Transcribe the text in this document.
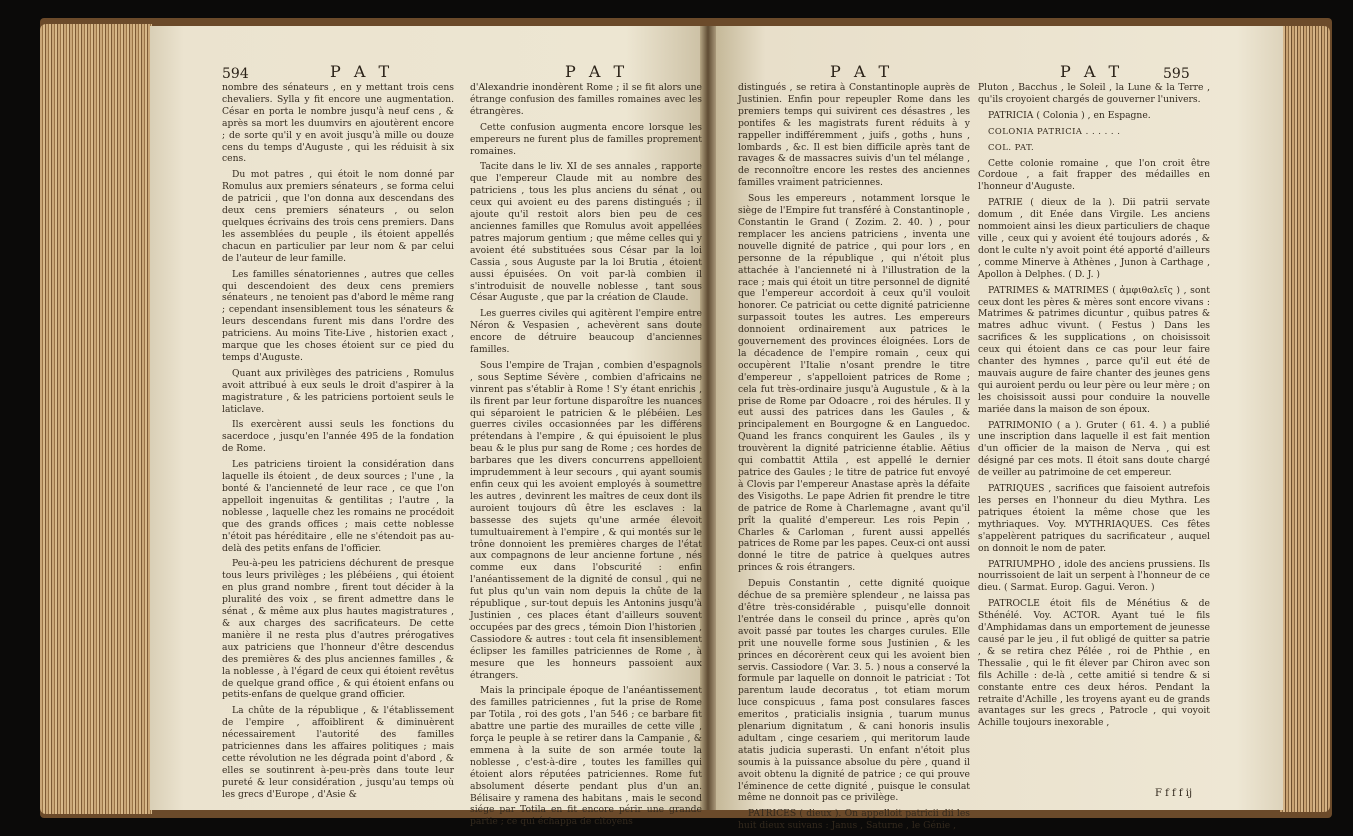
594	P A T	P A T

nombre des sénateurs , en y mettant trois cens chevaliers. Sylla y fit encore une augmentation. César en porta le nombre jusqu'à neuf cens , & après sa mort les duumvirs en ajoutèrent encore ; de sorte qu'il y en avoit jusqu'à mille ou douze cens du temps d'Auguste , qui les réduisit à six cens.

Du mot patres , qui étoit le nom donné par Romulus aux premiers sénateurs , se forma celui de patricii , que l'on donna aux descendans des deux cens premiers sénateurs , ou selon quelques écrivains des trois cens premiers. Dans les assemblées du peuple , ils étoient appellés chacun en particulier par leur nom & par celui de l'auteur de leur famille.

Les familles sénatoriennes , autres que celles qui descendoient des deux cens premiers sénateurs , ne tenoient pas d'abord le même rang ; cependant insensiblement tous les sénateurs & leurs descendans furent mis dans l'ordre des patriciens. Au moins Tite-Live , historien exact , marque que les choses étoient sur ce pied du temps d'Auguste.

Quant aux privilèges des patriciens , Romulus avoit attribué à eux seuls le droit d'aspirer à la magistrature , & les patriciens portoient seuls le laticlave.

Ils exercèrent aussi seuls les fonctions du sacerdoce , jusqu'en l'année 495 de la fondation de Rome.

Les patriciens tiroient la considération dans laquelle ils étoient , de deux sources ; l'une , la bonté & l'ancienneté de leur race , ce que l'on appelloit ingenuitas & gentilitas ; l'autre , la noblesse , laquelle chez les romains ne procédoit que des grands offices ; mais cette noblesse n'étoit pas héréditaire , elle ne s'étendoit pas au-delà des petits enfans de l'officier.

Peu-à-peu les patriciens déchurent de presque tous leurs privilèges ; les plébéiens , qui étoient en plus grand nombre , firent tout décider à la pluralité des voix , se firent admettre dans le sénat , & même aux plus hautes magistratures , & aux charges des sacrificateurs. De cette manière il ne resta plus d'autres prérogatives aux patriciens que l'honneur d'être descendus des premières & des plus anciennes familles , & la noblesse , à l'égard de ceux qui étoient revêtus de quelque grand office , & qui étoient enfans ou petits-enfans de quelque grand officier.

La chûte de la république , & l'établissement de l'empire , affoiblirent & diminuèrent nécessairement l'autorité des familles patriciennes dans les affaires politiques ; mais cette révolution ne les dégrada point d'abord , & elles se soutinrent à-peu-près dans toute leur pureté & leur considération , jusqu'au temps où les grecs d'Europe , d'Asie &

d'Alexandrie inondèrent Rome ; il se fit alors une étrange confusion des familles romaines avec les étrangères.

Cette confusion augmenta encore lorsque les empereurs ne furent plus de familles proprement romaines.

Tacite dans le liv. XI de ses annales , rapporte que l'empereur Claude mit au nombre des patriciens , tous les plus anciens du sénat , ou ceux qui avoient eu des parens distingués ; il ajoute qu'il restoit alors bien peu de ces anciennes familles que Romulus avoit appellées patres majorum gentium ; que même celles qui y avoient été substituées sous César par la loi Cassia , sous Auguste par la loi Brutia , étoient aussi épuisées. On voit par-là combien il s'introduisit de nouvelle noblesse , tant sous César Auguste , que par la création de Claude.

Les guerres civiles qui agitèrent l'empire entre Néron & Vespasien , achevèrent sans doute encore de détruire beaucoup d'anciennes familles.

Sous l'empire de Trajan , combien d'espagnols , sous Septime Sévère , combien d'africains ne vinrent pas s'établir à Rome ! S'y étant enrichis , ils firent par leur fortune disparoître les nuances qui séparoient le patricien & le plébéien. Les guerres civiles occasionnées par les différens prétendans à l'empire , & qui épuisoient le plus beau & le plus pur sang de Rome ; ces hordes de barbares que les divers concurrens appelloient imprudemment à leur secours , qui ayant soumis enfin ceux qui les avoient employés à soumettre les autres , devinrent les maîtres de ceux dont ils auroient toujours dû être les esclaves : la bassesse des sujets qu'une armée élevoit tumultuairement à l'empire , & qui montés sur le trône donnoient les premières charges de l'état aux compagnons de leur ancienne fortune , nés comme eux dans l'obscurité : enfin l'anéantissement de la dignité de consul , qui ne fut plus qu'un vain nom depuis la chûte de la république , sur-tout depuis les Antonins jusqu'à Justinien , ces places étant d'ailleurs souvent occupées par des grecs , témoin Dion l'historien , Cassiodore & autres : tout cela fit insensiblement éclipser les familles patriciennes de Rome , à mesure que les honneurs passoient aux étrangers.

Mais la principale époque de l'anéantissement des familles patriciennes , fut la prise de Rome par Totila , roi des gots , l'an 546 ; ce barbare fit abattre une partie des murailles de cette ville , força le peuple à se retirer dans la Campanie , & emmena à la suite de son armée toute la noblesse , c'est-à-dire , toutes les familles qui étoient alors réputées patriciennes. Rome fut absolument déserte pendant plus d'un an. Bélisaire y ramena des habitans , mais le second siége par Totila en fit encore périr une grande partie ; ce qui échappa de citoyens

P A T	P A T	595

distingués , se retira à Constantinople auprès de Justinien. Enfin pour repeupler Rome dans les premiers temps qui suivirent ces désastres , les pontifes & les magistrats furent réduits à y rappeller indifféremment , juifs , goths , huns , lombards , &c. Il est bien difficile après tant de ravages & de massacres suivis d'un tel mélange , de reconnoître encore les restes des anciennes familles vraiment patriciennes.

Sous les empereurs , notamment lorsque le siège de l'Empire fut transféré à Constantinople , Constantin le Grand ( Zozim. 2. 40. ) , pour remplacer les anciens patriciens , inventa une nouvelle dignité de patrice , qui pour lors , en personne de la république , qui n'étoit plus attachée à l'ancienneté ni à l'illustration de la race ; mais qui étoit un titre personnel de dignité que l'empereur accordoit à ceux qu'il vouloit honorer. Ce patriciat ou cette dignité patricienne surpassoit toutes les autres. Les empereurs donnoient ordinairement aux patrices le gouvernement des provinces éloignées. Lors de la décadence de l'empire romain , ceux qui occupèrent l'Italie n'osant prendre le titre d'empereur , s'appelloient patrices de Rome ; cela fut très-ordinaire jusqu'à Augustule , & à la prise de Rome par Odoacre , roi des hérules. Il y eut aussi des patrices dans les Gaules , & principalement en Bourgogne & en Languedoc. Quand les francs conquirent les Gaules , ils y trouvèrent la dignité patricienne établie. Aëtius qui combattit Attila , est appellé le dernier patrice des Gaules ; le titre de patrice fut envoyé à Clovis par l'empereur Anastase après la défaite des Visigoths. Le pape Adrien fit prendre le titre de patrice de Rome à Charlemagne , avant qu'il prît la qualité d'empereur. Les rois Pepin , Charles & Carloman , furent aussi appellés patrices de Rome par les papes. Ceux-ci ont aussi donné le titre de patrice à quelques autres princes & rois étrangers.

Depuis Constantin , cette dignité quoique déchue de sa première splendeur , ne laissa pas d'être très-considérable , puisqu'elle donnoit l'entrée dans le conseil du prince , après qu'on avoit passé par toutes les charges curules. Elle prit une nouvelle forme sous Justinien , & les princes en décorèrent ceux qui les avoient bien servis. Cassiodore ( Var. 3. 5. ) nous a conservé la formule par laquelle on donnoit le patriciat : Tot parentum laude decoratus , tot etiam morum luce conspicuus , fama post consulares fasces emeritos , praticialis insignia , tuarum munus plenarium dignitatum , & cani honoris insulis adultam , cinge cesariem , qui meritorum laude atatis judicia superasti. Un enfant n'étoit plus soumis à la puissance absolue du père , quand il avoit obtenu la dignité de patrice ; ce qui prouve l'éminence de cette dignité , puisque le consulat même ne donnoit pas ce privilège.

PATRICES ( dieux ). On appelloit patricii dii les huit dieux suivans : Janus , Saturne , le Génie ,

Pluton , Bacchus , le Soleil , la Lune & la Terre , qu'ils croyoient chargés de gouverner l'univers.

PATRICIA ( Colonia ) , en Espagne.

COLONIA PATRICIA . . . . . .

COL. PAT.

Cette colonie romaine , que l'on croit être Cordoue , a fait frapper des médailles en l'honneur d'Auguste.

PATRIE ( dieux de la ). Dii patrii servate domum , dit Enée dans Virgile. Les anciens nommoient ainsi les dieux particuliers de chaque ville , ceux qui y avoient été toujours adorés , & dont le culte n'y avoit point été apporté d'ailleurs , comme Minerve à Athènes , Junon à Carthage , Apollon à Delphes. ( D. J. )

PATRIMES & MATRIMES ( ἀμφιθαλεῖς ) , sont ceux dont les pères & mères sont encore vivans : Matrimes & patrimes dicuntur , quibus patres & matres adhuc vivunt. ( Festus ) Dans les sacrifices & les supplications , on choisissoit ceux qui étoient dans ce cas pour leur faire chanter des hymnes , parce qu'il eut été de mauvais augure de faire chanter des jeunes gens qui auroient perdu ou leur père ou leur mère ; on les choisissoit aussi pour conduire la nouvelle mariée dans la maison de son époux.

PATRIMONIO ( a ). Gruter ( 61. 4. ) a publié une inscription dans laquelle il est fait mention d'un officier de la maison de Nerva , qui est désigné par ces mots. Il étoit sans doute chargé de veiller au patrimoine de cet empereur.

PATRIQUES , sacrifices que faisoient autrefois les perses en l'honneur du dieu Mythra. Les patriques étoient la même chose que les mythriaques. Voy. MYTHRIAQUES. Ces fêtes s'appelèrent patriques du sacrificateur , auquel on donnoit le nom de pater.

PATRIUMPHO , idole des anciens prussiens. Ils nourrissoient de lait un serpent à l'honneur de ce dieu. ( Sarmat. Europ. Gagui. Veron. )

PATROCLE étoit fils de Ménétius & de Sthénélé. Voy. ACTOR. Ayant tué le fils d'Amphidamas dans un emportement de jeunesse causé par le jeu , il fut obligé de quitter sa patrie , & se retira chez Pélée , roi de Phthie , en Thessalie , qui le fit élever par Chiron avec son fils Achille : de-là , cette amitié si tendre & si constante entre ces deux héros. Pendant la retraite d'Achille , les troyens ayant eu de grands avantages sur les grecs , Patrocle , qui voyoit Achille toujours inexorable ,

F f f f ij
